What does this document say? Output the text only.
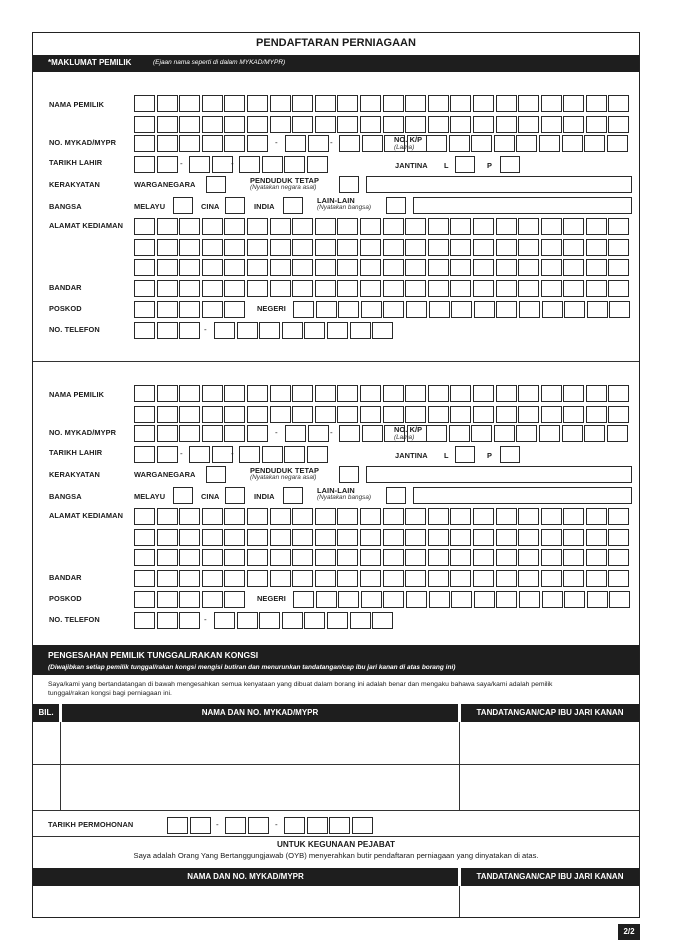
PENDAFTARAN PERNIAGAAN
*MAKLUMAT PEMILIK	(Ejaan nama seperti di dalam MYKAD/MYPR)
NAMA PEMILIK
NO. MYKAD/MYPR	-	-	NO. K/P
(Lama)
TARIKH LAHIR	-	-	JANTINA L	P
KERAKYATAN	WARGANEGARA	PENDUDUK TETAP
(Nyatakan negara asal)
BANGSA	MELAYU	CINA	INDIA
LAIN-LAIN
(Nyatakan bangsa)
ALAMAT KEDIAMAN
BANDAR
POSKOD	NEGERI
NO. TELEFON	-
NAMA PEMILIK
NO. MYKAD/MYPR	-	-	NO. K/P
(Lama)
TARIKH LAHIR	-	-	JANTINA L	P
KERAKYATAN	WARGANEGARA	PENDUDUK TETAP
(Nyatakan negara asal)
BANGSA	MELAYU	CINA	INDIA
LAIN-LAIN
(Nyatakan bangsa)
ALAMAT KEDIAMAN
BANDAR
POSKOD	NEGERI
NO. TELEFON	-
PENGESAHAN PEMILIK TUNGGAL/RAKAN KONGSI
(Diwajibkan setiap pemilik tunggal/rakan kongsi mengisi butiran dan menurunkan tandatangan/cap ibu jari kanan di atas borang ini)
Saya/kami yang bertandatangan di bawah mengesahkan semua kenyataan yang dibuat dalam borang ini adalah benar dan mengaku bahawa saya/kami adalah pemilik
tunggal/rakan kongsi bagi perniagaan ini.
BIL.	NAMA DAN NO. MYKAD/MYPR	TANDATANGAN/CAP IBU JARI KANAN
TARIKH PERMOHONAN	-	-
UNTUK KEGUNAAN PEJABAT
Saya adalah Orang Yang Bertanggungjawab (OYB) menyerahkan butir pendaftaran perniagaan yang dinyatakan di atas.
NAMA DAN NO. MYKAD/MYPR	TANDATANGAN/CAP IBU JARI KANAN
2/2
